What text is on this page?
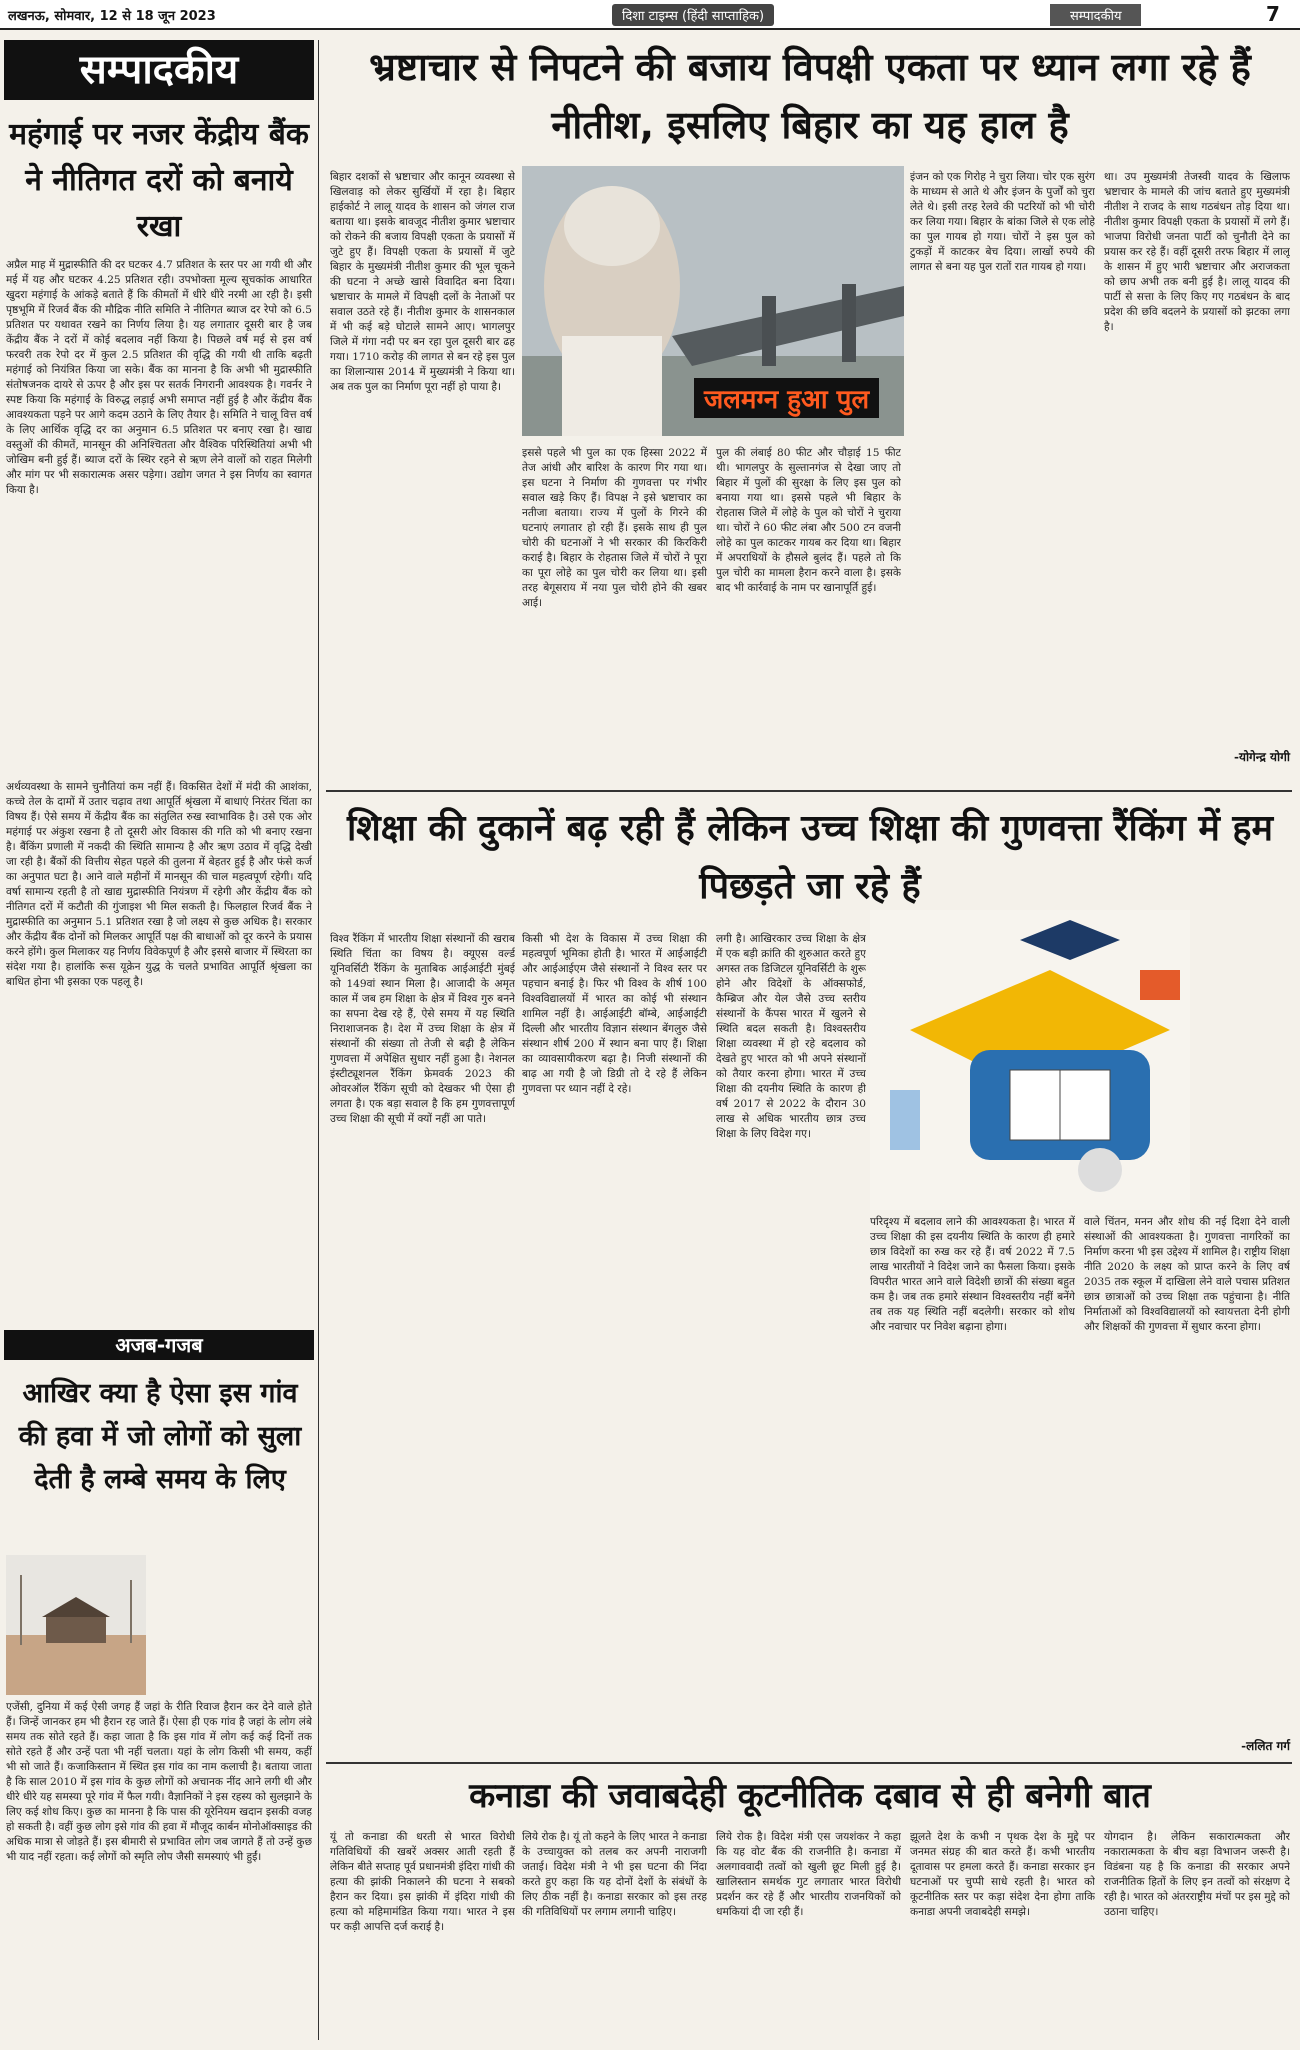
लखनऊ, सोमवार, 12 से 18 जून 2023	दिशा टाइम्स (हिंदी साप्ताहिक)	सम्पादकीय	7
सम्पादकीय
महंगाई पर नजर केंद्रीय बैंक ने नीतिगत दरों को बनाये रखा
अप्रैल माह में मुद्रास्फीति की दर घटकर 4.7 प्रतिशत के स्तर पर आ गयी थी और मई में यह और घटकर 4.25 प्रतिशत रही। उपभोक्ता मूल्य सूचकांक आधारित खुदरा महंगाई के आंकड़े बताते हैं कि कीमतों में धीरे धीरे नरमी आ रही है। इसी पृष्ठभूमि में रिजर्व बैंक की मौद्रिक नीति समिति ने नीतिगत ब्याज दर रेपो को 6.5 प्रतिशत पर यथावत रखने का निर्णय लिया है। यह लगातार दूसरी बार है जब केंद्रीय बैंक ने दरों में कोई बदलाव नहीं किया है। पिछले वर्ष मई से इस वर्ष फरवरी तक रेपो दर में कुल 2.5 प्रतिशत की वृद्धि की गयी थी ताकि बढ़ती महंगाई को नियंत्रित किया जा सके। बैंक का मानना है कि अभी भी मुद्रास्फीति संतोषजनक दायरे से ऊपर है और इस पर सतर्क निगरानी आवश्यक है। गवर्नर ने स्पष्ट किया कि महंगाई के विरुद्ध लड़ाई अभी समाप्त नहीं हुई है और केंद्रीय बैंक आवश्यकता पड़ने पर आगे कदम उठाने के लिए तैयार है। समिति ने चालू वित्त वर्ष के लिए आर्थिक वृद्धि दर का अनुमान 6.5 प्रतिशत पर बनाए रखा है। खाद्य वस्तुओं की कीमतें, मानसून की अनिश्चितता और वैश्विक परिस्थितियां अभी भी जोखिम बनी हुई हैं। ब्याज दरों के स्थिर रहने से ऋण लेने वालों को राहत मिलेगी और मांग पर भी सकारात्मक असर पड़ेगा। उद्योग जगत ने इस निर्णय का स्वागत किया है।
अर्थव्यवस्था के सामने चुनौतियां कम नहीं हैं। विकसित देशों में मंदी की आशंका, कच्चे तेल के दामों में उतार चढ़ाव तथा आपूर्ति श्रृंखला में बाधाएं निरंतर चिंता का विषय हैं। ऐसे समय में केंद्रीय बैंक का संतुलित रुख स्वाभाविक है। उसे एक ओर महंगाई पर अंकुश रखना है तो दूसरी ओर विकास की गति को भी बनाए रखना है। बैंकिंग प्रणाली में नकदी की स्थिति सामान्य है और ऋण उठाव में वृद्धि देखी जा रही है। बैंकों की वित्तीय सेहत पहले की तुलना में बेहतर हुई है और फंसे कर्ज का अनुपात घटा है। आने वाले महीनों में मानसून की चाल महत्वपूर्ण रहेगी। यदि वर्षा सामान्य रहती है तो खाद्य मुद्रास्फीति नियंत्रण में रहेगी और केंद्रीय बैंक को नीतिगत दरों में कटौती की गुंजाइश भी मिल सकती है। फिलहाल रिजर्व बैंक ने मुद्रास्फीति का अनुमान 5.1 प्रतिशत रखा है जो लक्ष्य से कुछ अधिक है। सरकार और केंद्रीय बैंक दोनों को मिलकर आपूर्ति पक्ष की बाधाओं को दूर करने के प्रयास करने होंगे। कुल मिलाकर यह निर्णय विवेकपूर्ण है और इससे बाजार में स्थिरता का संदेश गया है। हालांकि रूस यूक्रेन युद्ध के चलते प्रभावित आपूर्ति श्रृंखला का बाधित होना भी इसका एक पहलू है।
अजब-गजब
आखिर क्या है ऐसा इस गांव की हवा में जो लोगों को सुला देती है लम्बे समय के लिए
एजेंसी, दुनिया में कई ऐसी जगह हैं जहां के रीति रिवाज हैरान कर देने वाले होते हैं। जिन्हें जानकर हम भी हैरान रह जाते हैं। ऐसा ही एक गांव है जहां के लोग लंबे समय तक सोते रहते हैं। कहा जाता है कि इस गांव में लोग कई कई दिनों तक सोते रहते हैं और उन्हें पता भी नहीं चलता। यहां के लोग किसी भी समय, कहीं भी सो जाते हैं। कजाकिस्तान में स्थित इस गांव का नाम कलाची है। बताया जाता है कि साल 2010 में इस गांव के कुछ लोगों को अचानक नींद आने लगी थी और धीरे धीरे यह समस्या पूरे गांव में फैल गयी। वैज्ञानिकों ने इस रहस्य को सुलझाने के लिए कई शोध किए। कुछ का मानना है कि पास की यूरेनियम खदान इसकी वजह हो सकती है। वहीं कुछ लोग इसे गांव की हवा में मौजूद कार्बन मोनोऑक्साइड की अधिक मात्रा से जोड़ते हैं। इस बीमारी से प्रभावित लोग जब जागते हैं तो उन्हें कुछ भी याद नहीं रहता। कई लोगों को स्मृति लोप जैसी समस्याएं भी हुईं।
भ्रष्टाचार से निपटने की बजाय विपक्षी एकता पर ध्यान लगा रहे हैं नीतीश, इसलिए बिहार का यह हाल है
जलमग्न हुआ पुल
बिहार दशकों से भ्रष्टाचार और कानून व्यवस्था से खिलवाड़ को लेकर सुर्खियों में रहा है। बिहार हाईकोर्ट ने लालू यादव के शासन को जंगल राज बताया था। इसके बावजूद नीतीश कुमार भ्रष्टाचार को रोकने की बजाय विपक्षी एकता के प्रयासों में जुटे हुए हैं। विपक्षी एकता के प्रयासों में जुटे बिहार के मुख्यमंत्री नीतीश कुमार की भूल चूकने की घटना ने अच्छे खासे विवादित बना दिया। भ्रष्टाचार के मामले में विपक्षी दलों के नेताओं पर सवाल उठते रहे हैं। नीतीश कुमार के शासनकाल में भी कई बड़े घोटाले सामने आए। भागलपुर जिले में गंगा नदी पर बन रहा पुल दूसरी बार ढह गया। 1710 करोड़ की लागत से बन रहे इस पुल का शिलान्यास 2014 में मुख्यमंत्री ने किया था। अब तक पुल का निर्माण पूरा नहीं हो पाया है।
इससे पहले भी पुल का एक हिस्सा 2022 में तेज आंधी और बारिश के कारण गिर गया था। इस घटना ने निर्माण की गुणवत्ता पर गंभीर सवाल खड़े किए हैं। विपक्ष ने इसे भ्रष्टाचार का नतीजा बताया। राज्य में पुलों के गिरने की घटनाएं लगातार हो रही हैं। इसके साथ ही पुल चोरी की घटनाओं ने भी सरकार की किरकिरी कराई है। बिहार के रोहतास जिले में चोरों ने पूरा का पूरा लोहे का पुल चोरी कर लिया था। इसी तरह बेगूसराय में नया पुल चोरी होने की खबर आई।
पुल की लंबाई 80 फीट और चौड़ाई 15 फीट थी। भागलपुर के सुल्तानगंज से देखा जाए तो बिहार में पुलों की सुरक्षा के लिए इस पुल को बनाया गया था। इससे पहले भी बिहार के रोहतास जिले में लोहे के पुल को चोरों ने चुराया था। चोरों ने 60 फीट लंबा और 500 टन वजनी लोहे का पुल काटकर गायब कर दिया था। बिहार में अपराधियों के हौसले बुलंद हैं। पहले तो कि पुल चोरी का मामला हैरान करने वाला है। इसके बाद भी कार्रवाई के नाम पर खानापूर्ति हुई।
इंजन को एक गिरोह ने चुरा लिया। चोर एक सुरंग के माध्यम से आते थे और इंजन के पुर्जों को चुरा लेते थे। इसी तरह रेलवे की पटरियों को भी चोरी कर लिया गया। बिहार के बांका जिले से एक लोहे का पुल गायब हो गया। चोरों ने इस पुल को टुकड़ों में काटकर बेच दिया। लाखों रुपये की लागत से बना यह पुल रातों रात गायब हो गया।
था। उप मुख्यमंत्री तेजस्वी यादव के खिलाफ भ्रष्टाचार के मामले की जांच बताते हुए मुख्यमंत्री नीतीश ने राजद के साथ गठबंधन तोड़ दिया था। नीतीश कुमार विपक्षी एकता के प्रयासों में लगे हैं। भाजपा विरोधी जनता पार्टी को चुनौती देने का प्रयास कर रहे हैं। वहीं दूसरी तरफ बिहार में लालू के शासन में हुए भारी भ्रष्टाचार और अराजकता को छाप अभी तक बनी हुई है। लालू यादव की पार्टी से सत्ता के लिए किए गए गठबंधन के बाद प्रदेश की छवि बदलने के प्रयासों को झटका लगा है।
-योगेन्द्र योगी
शिक्षा की दुकानें बढ़ रही हैं लेकिन उच्च शिक्षा की गुणवत्ता रैंकिंग में हम पिछड़ते जा रहे हैं
विश्व रैंकिंग में भारतीय शिक्षा संस्थानों की खराब स्थिति चिंता का विषय है। क्यूएस वर्ल्ड यूनिवर्सिटी रैंकिंग के मुताबिक आईआईटी मुंबई को 149वां स्थान मिला है। आजादी के अमृत काल में जब हम शिक्षा के क्षेत्र में विश्व गुरु बनने का सपना देख रहे हैं, ऐसे समय में यह स्थिति निराशाजनक है। देश में उच्च शिक्षा के क्षेत्र में संस्थानों की संख्या तो तेजी से बढ़ी है लेकिन गुणवत्ता में अपेक्षित सुधार नहीं हुआ है। नेशनल इंस्टीट्यूशनल रैंकिंग फ्रेमवर्क 2023 की ओवरऑल रैंकिंग सूची को देखकर भी ऐसा ही लगता है। एक बड़ा सवाल है कि हम गुणवत्तापूर्ण उच्च शिक्षा की सूची में क्यों नहीं आ पाते।
किसी भी देश के विकास में उच्च शिक्षा की महत्वपूर्ण भूमिका होती है। भारत में आईआईटी और आईआईएम जैसे संस्थानों ने विश्व स्तर पर पहचान बनाई है। फिर भी विश्व के शीर्ष 100 विश्वविद्यालयों में भारत का कोई भी संस्थान शामिल नहीं है। आईआईटी बॉम्बे, आईआईटी दिल्ली और भारतीय विज्ञान संस्थान बेंगलुरु जैसे संस्थान शीर्ष 200 में स्थान बना पाए हैं। शिक्षा का व्यावसायीकरण बढ़ा है। निजी संस्थानों की बाढ़ आ गयी है जो डिग्री तो दे रहे हैं लेकिन गुणवत्ता पर ध्यान नहीं दे रहे।
लगी है। आखिरकार उच्च शिक्षा के क्षेत्र में एक बड़ी क्रांति की शुरुआत करते हुए अगस्त तक डिजिटल यूनिवर्सिटी के शुरू होने और विदेशों के ऑक्सफोर्ड, कैम्ब्रिज और येल जैसे उच्च स्तरीय संस्थानों के कैंपस भारत में खुलने से स्थिति बदल सकती है। विश्वस्तरीय शिक्षा व्यवस्था में हो रहे बदलाव को देखते हुए भारत को भी अपने संस्थानों को तैयार करना होगा। भारत में उच्च शिक्षा की दयनीय स्थिति के कारण ही वर्ष 2017 से 2022 के दौरान 30 लाख से अधिक भारतीय छात्र उच्च शिक्षा के लिए विदेश गए।
परिदृश्य में बदलाव लाने की आवश्यकता है। भारत में उच्च शिक्षा की इस दयनीय स्थिति के कारण ही हमारे छात्र विदेशों का रुख कर रहे हैं। वर्ष 2022 में 7.5 लाख भारतीयों ने विदेश जाने का फैसला किया। इसके विपरीत भारत आने वाले विदेशी छात्रों की संख्या बहुत कम है। जब तक हमारे संस्थान विश्वस्तरीय नहीं बनेंगे तब तक यह स्थिति नहीं बदलेगी। सरकार को शोध और नवाचार पर निवेश बढ़ाना होगा।
वाले चिंतन, मनन और शोध की नई दिशा देने वाली संस्थाओं की आवश्यकता है। गुणवत्ता नागरिकों का निर्माण करना भी इस उद्देश्य में शामिल है। राष्ट्रीय शिक्षा नीति 2020 के लक्ष्य को प्राप्त करने के लिए वर्ष 2035 तक स्कूल में दाखिला लेने वाले पचास प्रतिशत छात्र छात्राओं को उच्च शिक्षा तक पहुंचाना है। नीति निर्माताओं को विश्वविद्यालयों को स्वायत्तता देनी होगी और शिक्षकों की गुणवत्ता में सुधार करना होगा।
-ललित गर्ग
कनाडा की जवाबदेही कूटनीतिक दबाव से ही बनेगी बात
यूं तो कनाडा की धरती से भारत विरोधी गतिविधियों की खबरें अक्सर आती रहती हैं लेकिन बीते सप्ताह पूर्व प्रधानमंत्री इंदिरा गांधी की हत्या की झांकी निकालने की घटना ने सबको हैरान कर दिया। इस झांकी में इंदिरा गांधी की हत्या को महिमामंडित किया गया। भारत ने इस पर कड़ी आपत्ति दर्ज कराई है।
लिये रोक है। यूं तो कहने के लिए भारत ने कनाडा के उच्चायुक्त को तलब कर अपनी नाराजगी जताई। विदेश मंत्री ने भी इस घटना की निंदा करते हुए कहा कि यह दोनों देशों के संबंधों के लिए ठीक नहीं है। कनाडा सरकार को इस तरह की गतिविधियों पर लगाम लगानी चाहिए।
लिये रोक है। विदेश मंत्री एस जयशंकर ने कहा कि यह वोट बैंक की राजनीति है। कनाडा में अलगाववादी तत्वों को खुली छूट मिली हुई है। खालिस्तान समर्थक गुट लगातार भारत विरोधी प्रदर्शन कर रहे हैं और भारतीय राजनयिकों को धमकियां दी जा रही हैं।
झूलते देश के कभी न पृथक देश के मुद्दे पर जनमत संग्रह की बात करते हैं। कभी भारतीय दूतावास पर हमला करते हैं। कनाडा सरकार इन घटनाओं पर चुप्पी साधे रहती है। भारत को कूटनीतिक स्तर पर कड़ा संदेश देना होगा ताकि कनाडा अपनी जवाबदेही समझे।
योगदान है। लेकिन सकारात्मकता और नकारात्मकता के बीच बड़ा विभाजन जरूरी है। विडंबना यह है कि कनाडा की सरकार अपने राजनीतिक हितों के लिए इन तत्वों को संरक्षण दे रही है। भारत को अंतरराष्ट्रीय मंचों पर इस मुद्दे को उठाना चाहिए।
